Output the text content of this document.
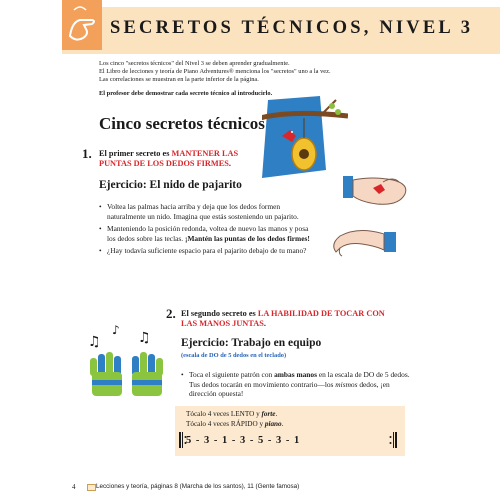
SECRETOS TÉCNICOS, NIVEL 3
Los cinco "secretos técnicos" del Nivel 3 se deben aprender gradualmente.
El Libro de lecciones y teoría de Piano Adventures® menciona los "secretos" uno a la vez.
Las correlaciones se muestran en la parte inferior de la página.
El profesor debe demostrar cada secreto técnico al introducirlo.
Cinco secretos técnicos
1. El primer secreto es MANTENER LAS PUNTAS DE LOS DEDOS FIRMES.
Ejercicio: El nido de pajarito
• Voltea las palmas hacia arriba y deja que los dedos formen naturalmente un nido. Imagina que estás sosteniendo un pajarito.
• Manteniendo la posición redonda, voltea de nuevo las manos y posa los dedos sobre las teclas. ¡Mantén las puntas de los dedos firmes!
• ¿Hay todavía suficiente espacio para el pajarito debajo de tu mano?
2. El segundo secreto es LA HABILIDAD DE TOCAR CON LAS MANOS JUNTAS.
Ejercicio: Trabajo en equipo
(escala de DO de 5 dedos en el teclado)
• Toca el siguiente patrón con ambas manos en la escala de DO de 5 dedos. Tus dedos tocarán en movimiento contrario—los mismos dedos, ¡en dirección opuesta!
♫
♪ ♫
Tócalo 4 veces LENTO y forte.
Tócalo 4 veces RÁPIDO y piano.
5 - 3 - 1 - 3 - 5 - 3 - 1
4	Lecciones y teoría, páginas 8 (Marcha de los santos), 11 (Gente famosa)
